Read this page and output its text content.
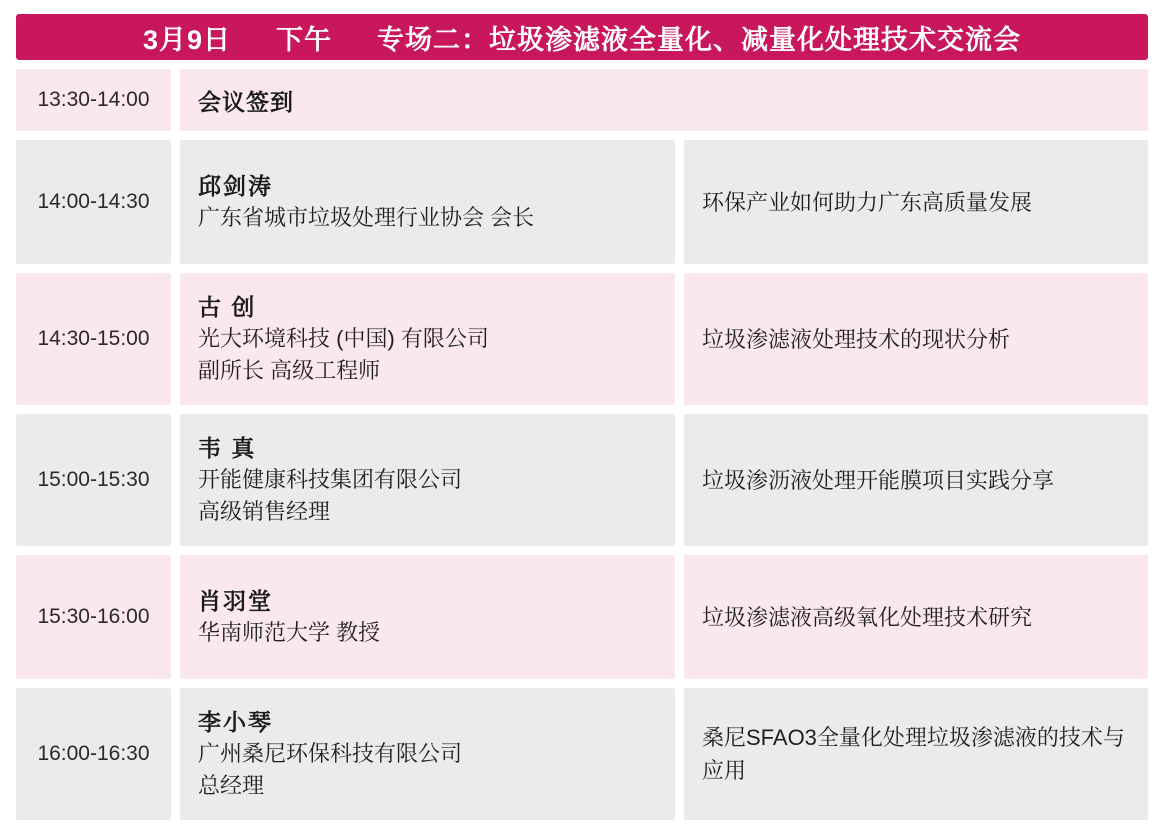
3月9日 下午 专场二：垃圾渗滤液全量化、减量化处理技术交流会
13:30-14:00	会议签到
14:00-14:30
邱剑涛
广东省城市垃圾处理行业协会 会长
环保产业如何助力广东高质量发展
14:30-15:00
古 创
光大环境科技 (中国) 有限公司
副所长 高级工程师
垃圾渗滤液处理技术的现状分析
15:00-15:30
韦 真
开能健康科技集团有限公司
高级销售经理
垃圾渗沥液处理开能膜项目实践分享
15:30-16:00
肖羽堂
华南师范大学 教授
垃圾渗滤液高级氧化处理技术研究
16:00-16:30
李小琴
广州桑尼环保科技有限公司
总经理
桑尼SFAO3全量化处理垃圾渗滤液的技术与应用
